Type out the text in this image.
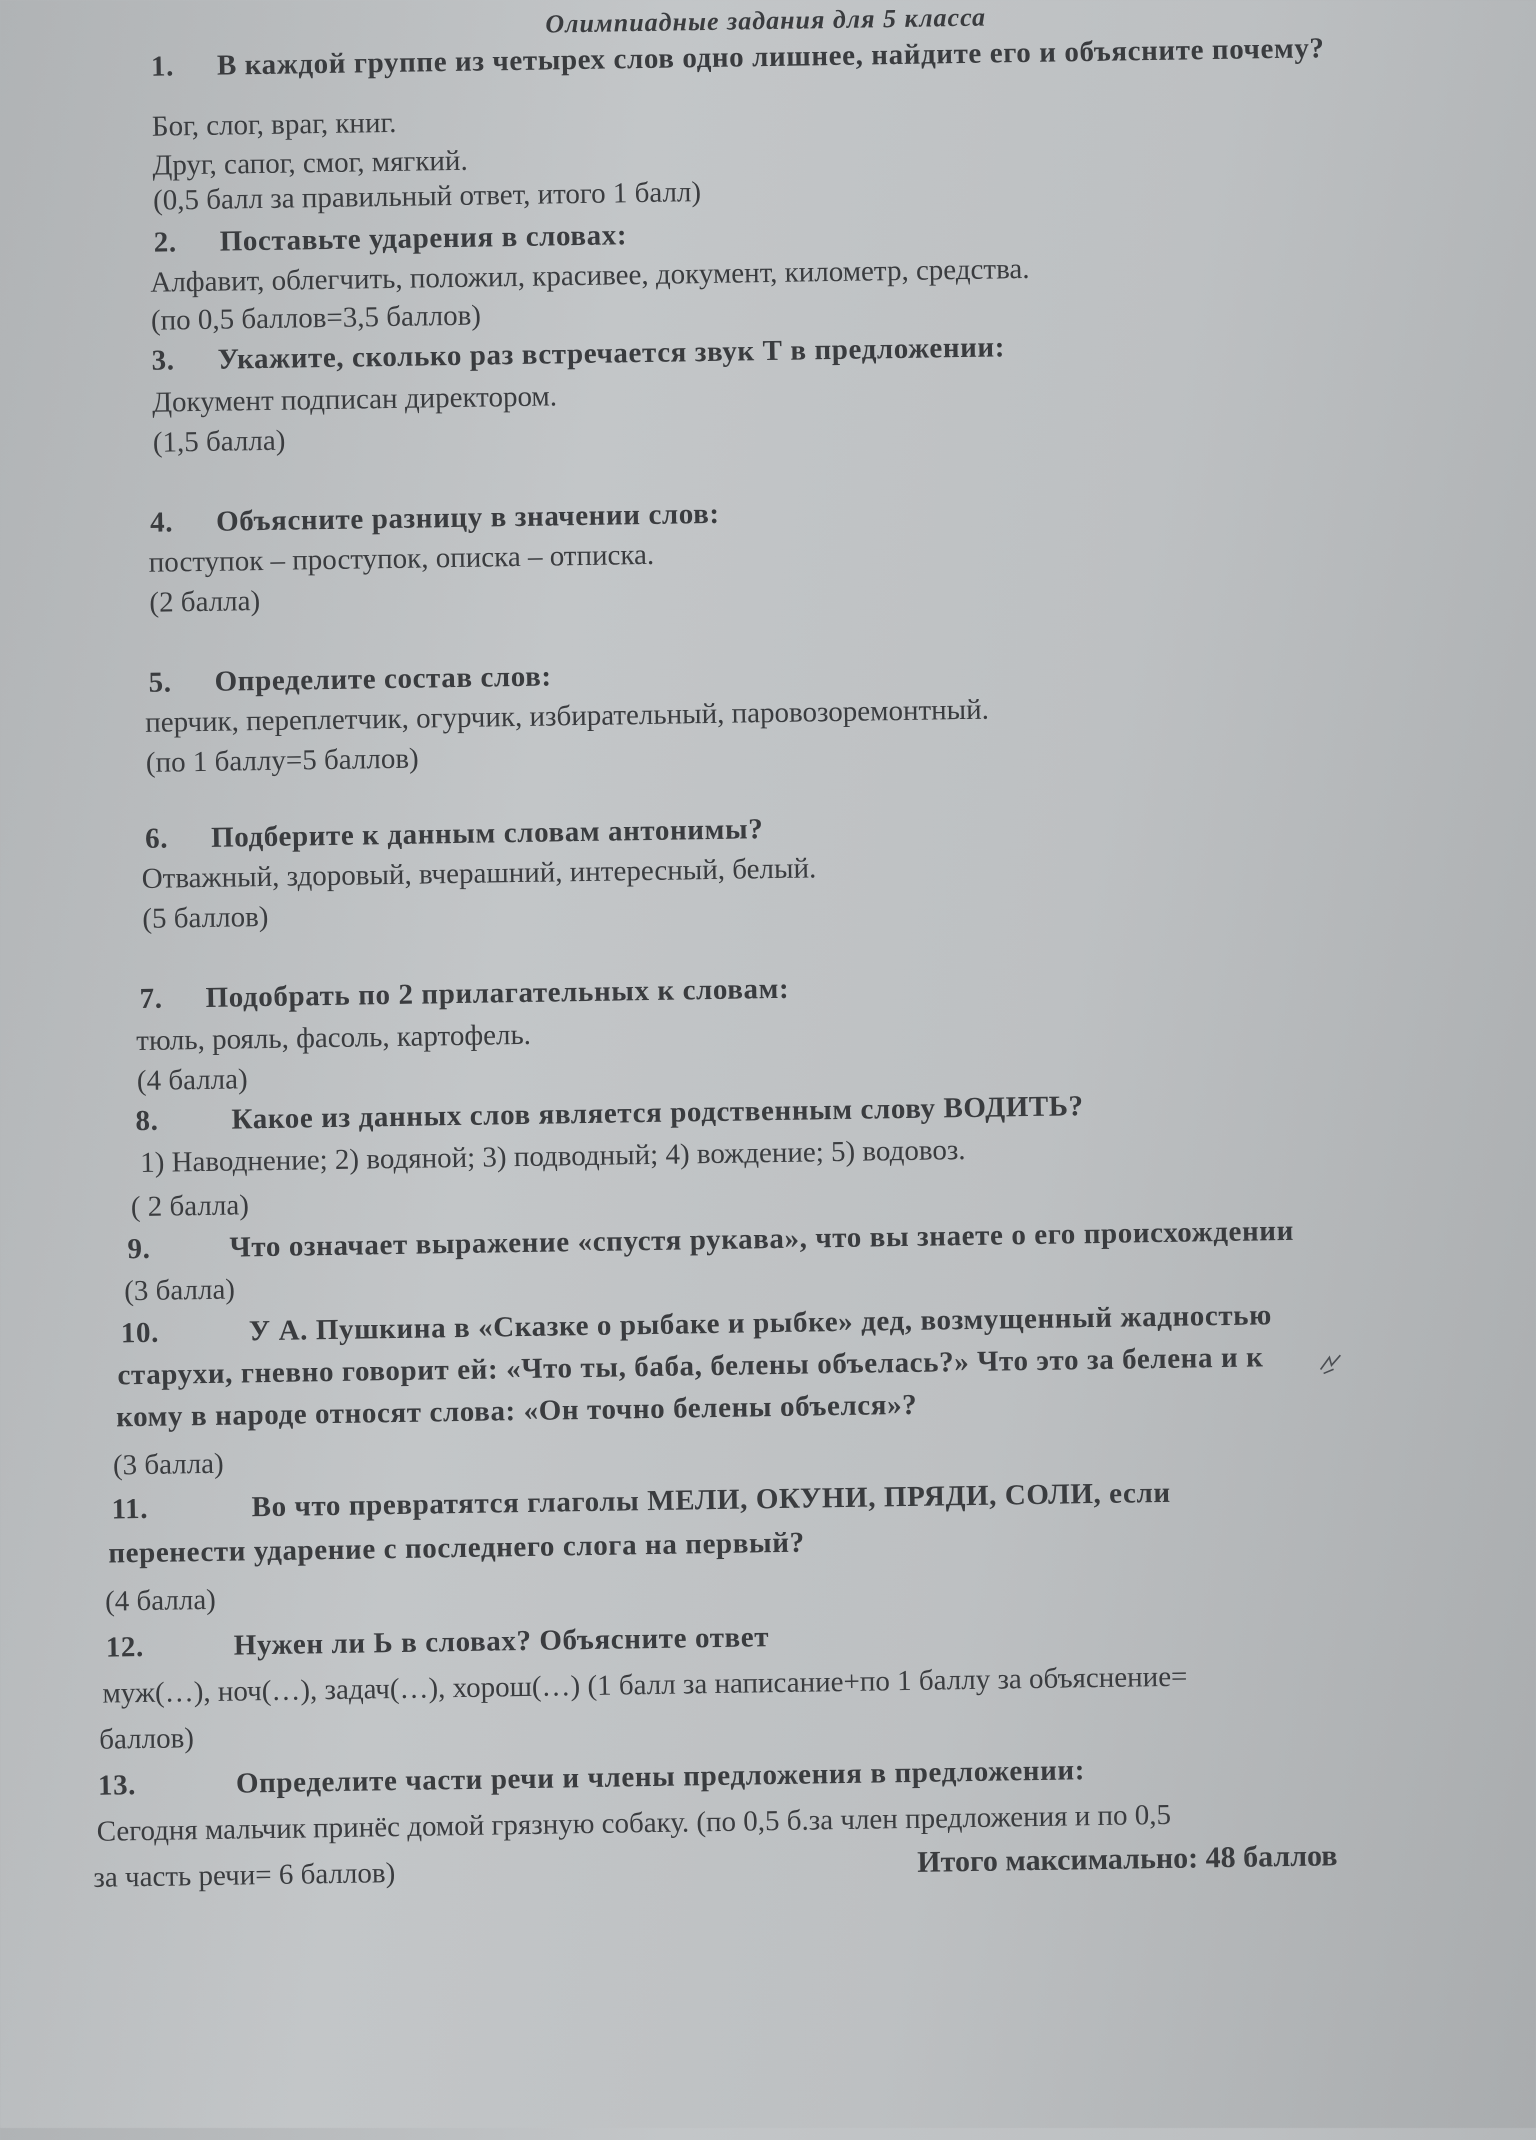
Олимпиадные задания для 5 класса
1. В каждой группе из четырех слов одно лишнее, найдите его и объясните почему?
Бог, слог, враг, книг.
Друг, сапог, смог, мягкий.
(0,5 балл за правильный ответ, итого 1 балл)
2. Поставьте ударения в словах:
Алфавит, облегчить, положил, красивее, документ, километр, средства.
(по 0,5 баллов=3,5 баллов)
3. Укажите, сколько раз встречается звук Т в предложении:
Документ подписан директором.
(1,5 балла)
4. Объясните разницу в значении слов:
поступок – проступок, описка – отписка.
(2 балла)
5. Определите состав слов:
перчик, переплетчик, огурчик, избирательный, паровозоремонтный.
(по 1 баллу=5 баллов)
6. Подберите к данным словам антонимы?
Отважный, здоровый, вчерашний, интересный, белый.
(5 баллов)
7. Подобрать по 2 прилагательных к словам:
тюль, рояль, фасоль, картофель.
(4 балла)
8.	Какое из данных слов является родственным слову ВОДИТЬ?
1) Наводнение; 2) водяной; 3) подводный; 4) вождение; 5) водовоз.
( 2 балла)
9.	Что означает выражение «спустя рукава», что вы знаете о его происхождении
(3 балла)
10.	У А. Пушкина в «Сказке о рыбаке и рыбке» дед, возмущенный жадностью
старухи, гневно говорит ей: «Что ты, баба, белены объелась?» Что это за белена и к
кому в народе относят слова: «Он точно белены объелся»?
(3 балла)
11.	Во что превратятся глаголы МЕЛИ, ОКУНИ, ПРЯДИ, СОЛИ, если
перенести ударение с последнего слога на первый?
(4 балла)
12.	Нужен ли Ь в словах? Объясните ответ
муж(…), ноч(…), задач(…), хорош(…) (1 балл за написание+по 1 баллу за объяснение=
баллов)
13.	Определите части речи и члены предложения в предложении:
Сегодня мальчик принёс домой грязную собаку. (по 0,5 б.за член предложения и по 0,5
за часть речи= 6 баллов)	Итого максимально: 48 баллов
